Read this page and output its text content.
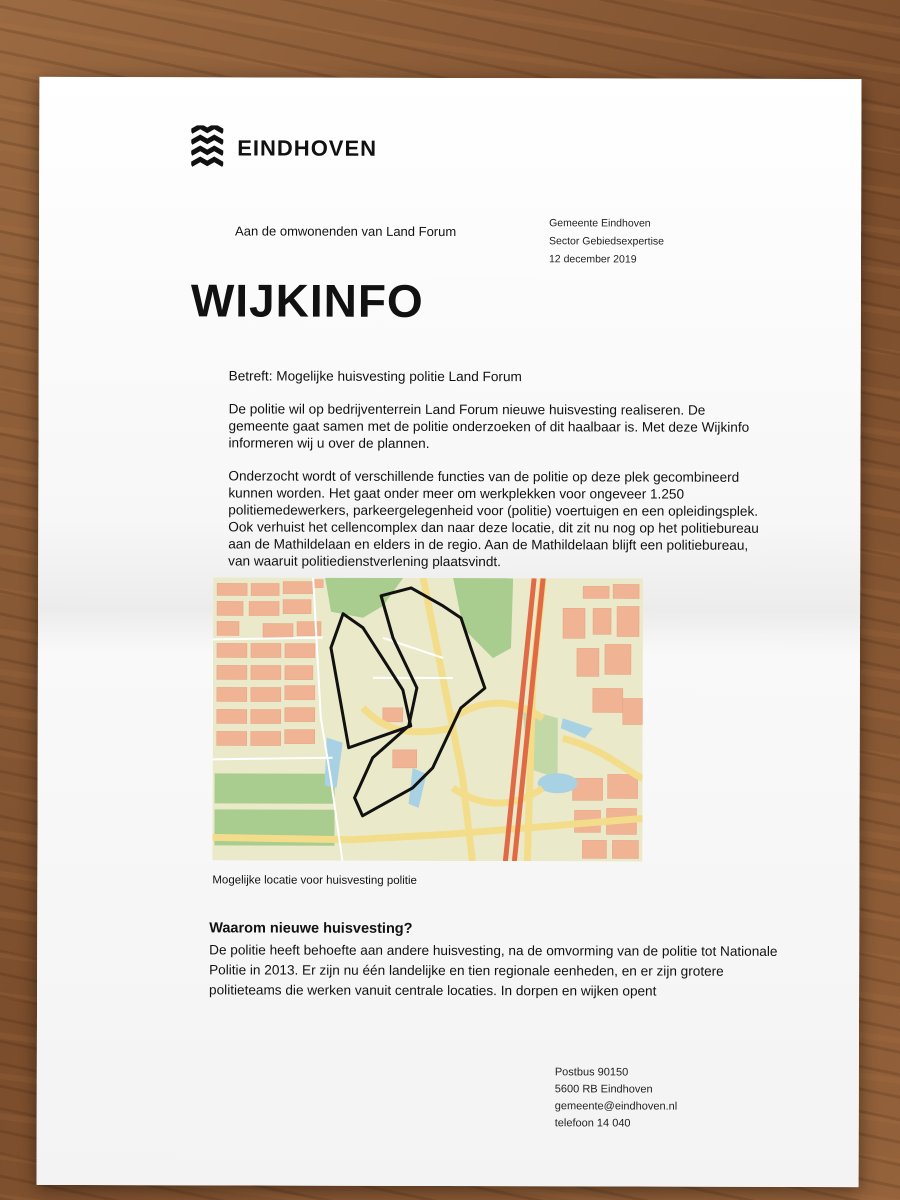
EINDHOVEN
Aan de omwonenden van Land Forum
Gemeente Eindhoven
Sector Gebiedsexpertise
12 december 2019
WIJKINFO

Betreft: Mogelijke huisvesting politie Land Forum

De politie wil op bedrijventerrein Land Forum nieuwe huisvesting realiseren. De gemeente gaat samen met de politie onderzoeken of dit haalbaar is. Met deze Wijkinfo informeren wij u over de plannen.

Onderzocht wordt of verschillende functies van de politie op deze plek gecombineerd kunnen worden. Het gaat onder meer om werkplekken voor ongeveer 1.250 politiemedewerkers, parkeergelegenheid voor (politie) voertuigen en een opleidingsplek. Ook verhuist het cellencomplex dan naar deze locatie, dit zit nu nog op het politiebureau aan de Mathildelaan en elders in de regio. Aan de Mathildelaan blijft een politiebureau, van waaruit politiedienstverlening plaatsvindt.

Mogelijke locatie voor huisvesting politie
Waarom nieuwe huisvesting?

De politie heeft behoefte aan andere huisvesting, na de omvorming van de politie tot Nationale Politie in 2013. Er zijn nu één landelijke en tien regionale eenheden, en er zijn grotere politieteams die werken vanuit centrale locaties. In dorpen en wijken opent

Postbus 90150
5600 RB Eindhoven
gemeente@eindhoven.nl
telefoon 14 040
